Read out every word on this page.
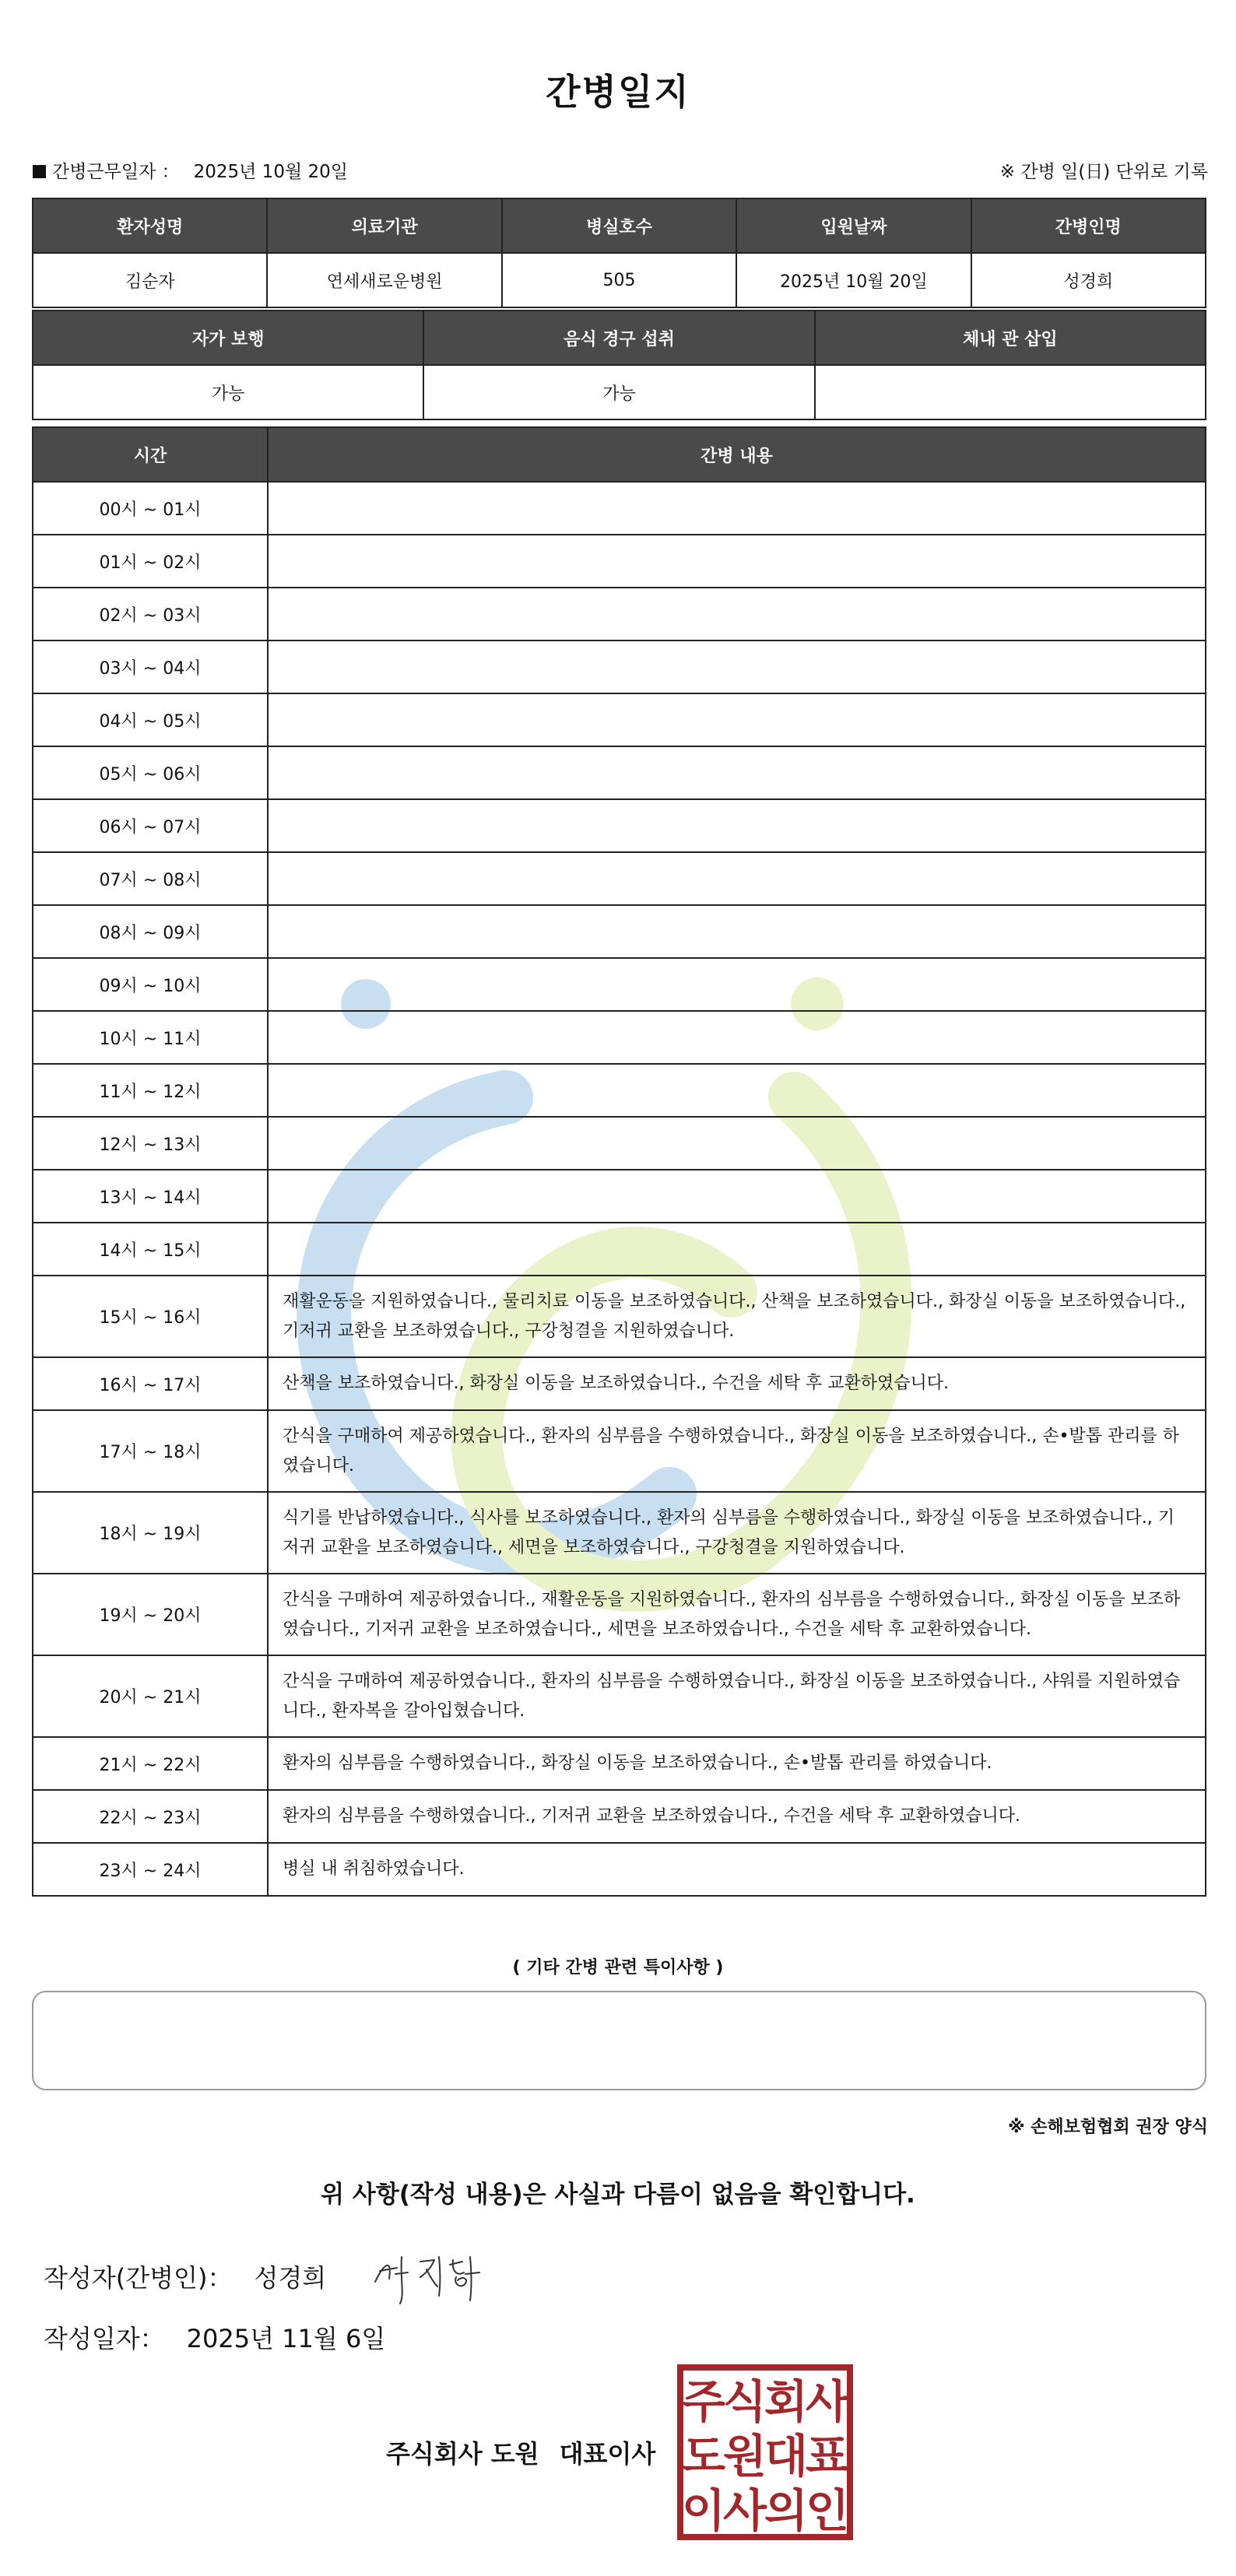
간병일지
간병근무일자 ： 2025년 10월 20일	※ 간병 일(日) 단위로 기록
환자성명	의료기관	병실호수	입원날짜	간병인명
김순자	연세새로운병원	505	2025년 10월 20일	성경희
자가 보행	음식 경구 섭취	체내 관 삽입
가능	가능	
시간	간병 내용
00시 ~ 01시	
01시 ~ 02시	
02시 ~ 03시	
03시 ~ 04시	
04시 ~ 05시	
05시 ~ 06시	
06시 ~ 07시	
07시 ~ 08시	
08시 ~ 09시	
09시 ~ 10시	
10시 ~ 11시	
11시 ~ 12시	
12시 ~ 13시	
13시 ~ 14시	
14시 ~ 15시	
15시 ~ 16시	재활운동을 지원하였습니다., 물리치료 이동을 보조하였습니다., 산책을 보조하였습니다., 화장실 이동을 보조하였습니다., 기저귀 교환을 보조하였습니다., 구강청결을 지원하였습니다.
16시 ~ 17시	산책을 보조하였습니다., 화장실 이동을 보조하였습니다., 수건을 세탁 후 교환하였습니다.
17시 ~ 18시	간식을 구매하여 제공하였습니다., 환자의 심부름을 수행하였습니다., 화장실 이동을 보조하였습니다., 손•발톱 관리를 하였습니다.
18시 ~ 19시	식기를 반납하였습니다., 식사를 보조하였습니다., 환자의 심부름을 수행하였습니다., 화장실 이동을 보조하였습니다., 기저귀 교환을 보조하였습니다., 세면을 보조하였습니다., 구강청결을 지원하였습니다.
19시 ~ 20시	간식을 구매하여 제공하였습니다., 재활운동을 지원하였습니다., 환자의 심부름을 수행하였습니다., 화장실 이동을 보조하였습니다., 기저귀 교환을 보조하였습니다., 세면을 보조하였습니다., 수건을 세탁 후 교환하였습니다.
20시 ~ 21시	간식을 구매하여 제공하였습니다., 환자의 심부름을 수행하였습니다., 화장실 이동을 보조하였습니다., 샤워를 지원하였습니다., 환자복을 갈아입혔습니다.
21시 ~ 22시	환자의 심부름을 수행하였습니다., 화장실 이동을 보조하였습니다., 손•발톱 관리를 하였습니다.
22시 ~ 23시	환자의 심부름을 수행하였습니다., 기저귀 교환을 보조하였습니다., 수건을 세탁 후 교환하였습니다.
23시 ~ 24시	병실 내 취침하였습니다.
( 기타 간병 관련 특이사항 )
※ 손해보험협회 권장 양식
위 사항(작성 내용)은 사실과 다름이 없음을 확인합니다.
작성자(간병인)： 성경희
작성일자： 2025년 11월 6일
주식회사 도원 대표이사
주
식
회
사
도
원
대
표
이
사
의
인
